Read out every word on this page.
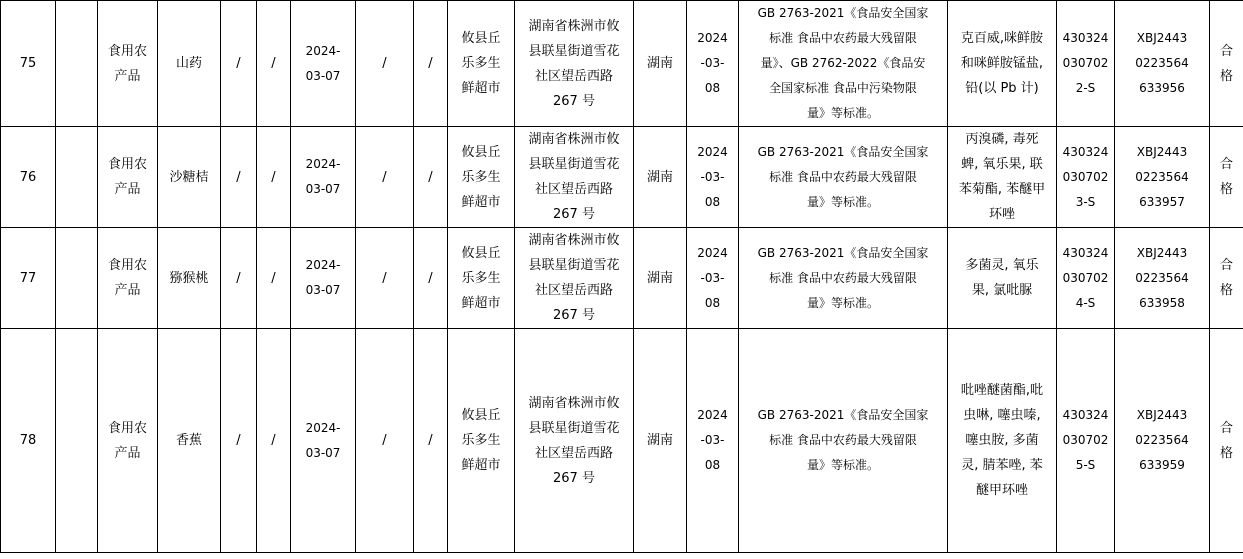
75		食用农
产品	山药	/	/	2024-
03-07	/	/	攸县丘
乐多生
鲜超市	湖南省株洲市攸
县联星街道雪花
社区望岳西路
267 号	湖南	2024
-03-
08	GB 2763-2021《食品安全国家
标准 食品中农药最大残留限
量》、GB 2762-2022《食品安
全国家标准 食品中污染物限
量》等标准。	克百威,咪鲜胺
和咪鲜胺锰盐,
铅(以 Pb 计)	430324
030702
2-S	XBJ2443
0223564
633956	合
格	

76		食用农
产品	沙糖桔	/	/	2024-
03-07	/	/	攸县丘
乐多生
鲜超市	湖南省株洲市攸
县联星街道雪花
社区望岳西路
267 号	湖南	2024
-03-
08	GB 2763-2021《食品安全国家
标准 食品中农药最大残留限
量》等标准。	丙溴磷, 毒死
蜱, 氧乐果, 联
苯菊酯, 苯醚甲
环唑	430324
030702
3-S	XBJ2443
0223564
633957	合
格	

77		食用农
产品	猕猴桃	/	/	2024-
03-07	/	/	攸县丘
乐多生
鲜超市	湖南省株洲市攸
县联星街道雪花
社区望岳西路
267 号	湖南	2024
-03-
08	GB 2763-2021《食品安全国家
标准 食品中农药最大残留限
量》等标准。	多菌灵, 氧乐
果, 氯吡脲	430324
030702
4-S	XBJ2443
0223564
633958	合
格	

78		食用农
产品	香蕉	/	/	2024-
03-07	/	/	攸县丘
乐多生
鲜超市	湖南省株洲市攸
县联星街道雪花
社区望岳西路
267 号	湖南	2024
-03-
08	GB 2763-2021《食品安全国家
标准 食品中农药最大残留限
量》等标准。	吡唑醚菌酯,吡
虫啉, 噻虫嗪,
噻虫胺, 多菌
灵, 腈苯唑, 苯
醚甲环唑	430324
030702
5-S	XBJ2443
0223564
633959	合
格	
